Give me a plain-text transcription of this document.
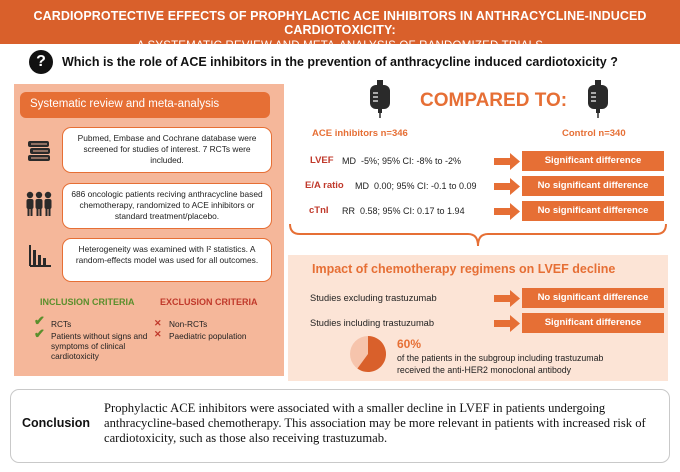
CARDIOPROTECTIVE EFFECTS OF PROPHYLACTIC ACE INHIBITORS IN ANTHRACYCLINE-INDUCED CARDIOTOXICITY:
A SYSTEMATIC REVIEW AND META-ANALYSIS OF RANDOMIZED TRIALS
?	Which is the role of ACE inhibitors in the prevention of anthracycline induced cardiotoxicity ?
Systematic review and meta-analysis
Pubmed, Embase and Cochrane database were screened for studies of interest. 7 RCTs were included.
686 oncologic patients reciving anthracycline based chemotherapy, randomized to ACE inhibitors or standard treatment/placebo.
Heterogeneity was examined with I² statistics. A random-effects model was used for all outcomes.
INCLUSION CRITERIA
✔ RCTs
✔ Patients without signs and symptoms of clinical cardiotoxicity
EXCLUSION CRITERIA
✕ Non-RCTs
✕ Paediatric population
COMPARED TO:
ACE inhibitors n=346	Control n=340
LVEF MD  -5%; 95% CI: -8% to -2%	Significant difference
E/A ratio MD  0.00; 95% CI: -0.1 to 0.09	No significant difference
cTnI RR  0.58; 95% CI: 0.17 to 1.94	No significant difference
Impact of chemotherapy regimens on LVEF decline
Studies excluding trastuzumab	No significant difference
Studies including trastuzumab	Significant difference
60%
of the patients in the subgroup including trastuzumab
received the anti-HER2 monoclonal antibody
Conclusion
Prophylactic ACE inhibitors were associated with a smaller decline in LVEF in patients undergoing anthracycline-based chemotherapy. This association may be more relevant in patients with increased risk of cardiotoxicity, such as those also receiving trastuzumab.
